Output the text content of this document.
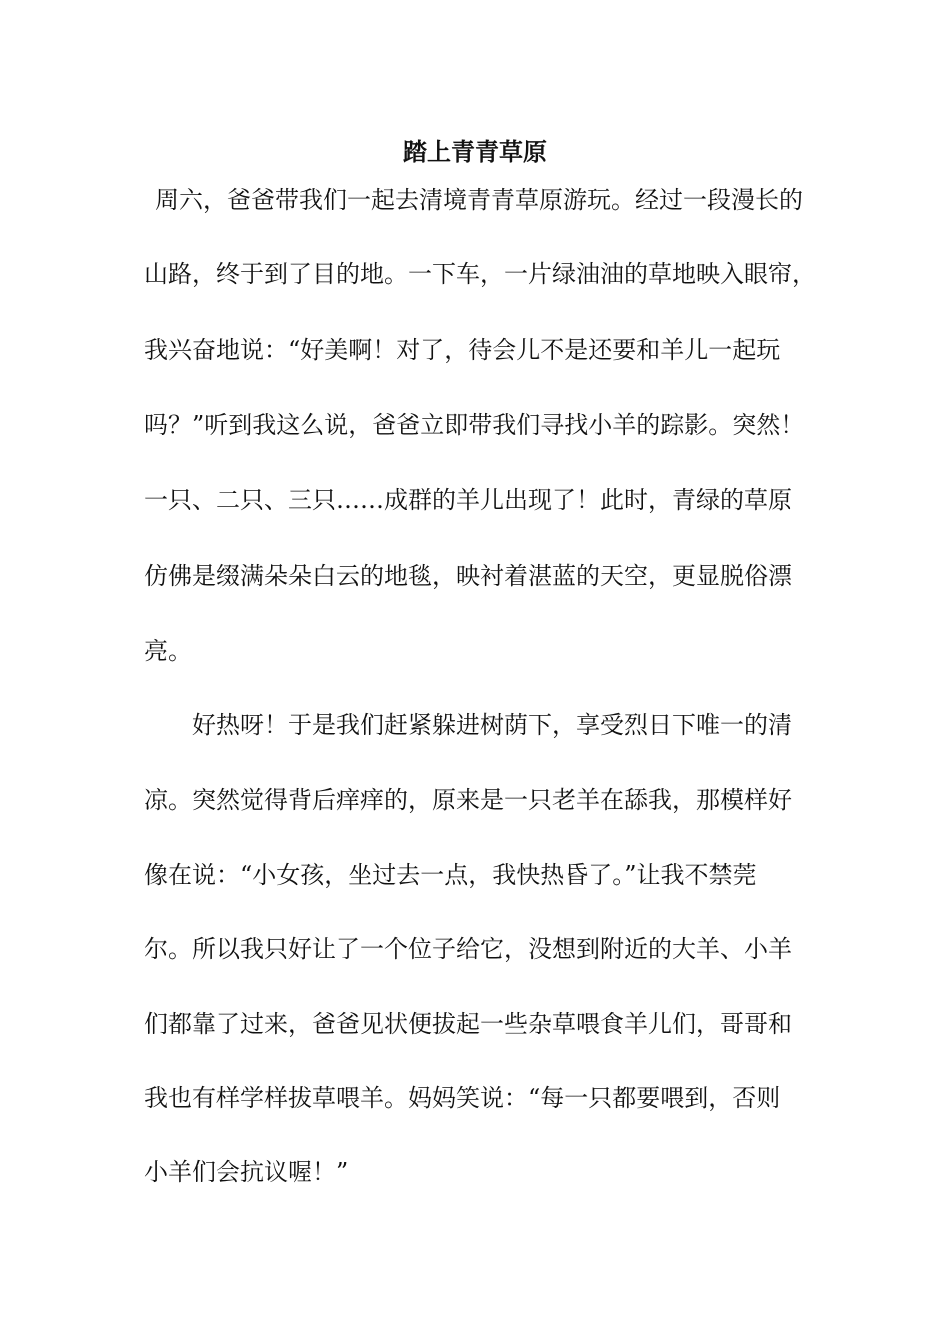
踏上青青草原

周六，爸爸带我们一起去清境青青草原游玩。经过一段漫长的

山路，终于到了目的地。一下车，一片绿油油的草地映入眼帘，

我兴奋地说：“好美啊！对了，待会儿不是还要和羊儿一起玩

吗？”听到我这么说，爸爸立即带我们寻找小羊的踪影。突然！

一只、二只、三只……成群的羊儿出现了！此时，青绿的草原

仿佛是缀满朵朵白云的地毯，映衬着湛蓝的天空，更显脱俗漂

亮。

好热呀！于是我们赶紧躲进树荫下，享受烈日下唯一的清

凉。突然觉得背后痒痒的，原来是一只老羊在舔我，那模样好

像在说：“小女孩，坐过去一点，我快热昏了。”让我不禁莞

尔。所以我只好让了一个位子给它，没想到附近的大羊、小羊

们都靠了过来，爸爸见状便拔起一些杂草喂食羊儿们，哥哥和

我也有样学样拔草喂羊。妈妈笑说：“每一只都要喂到，否则

小羊们会抗议喔！”
